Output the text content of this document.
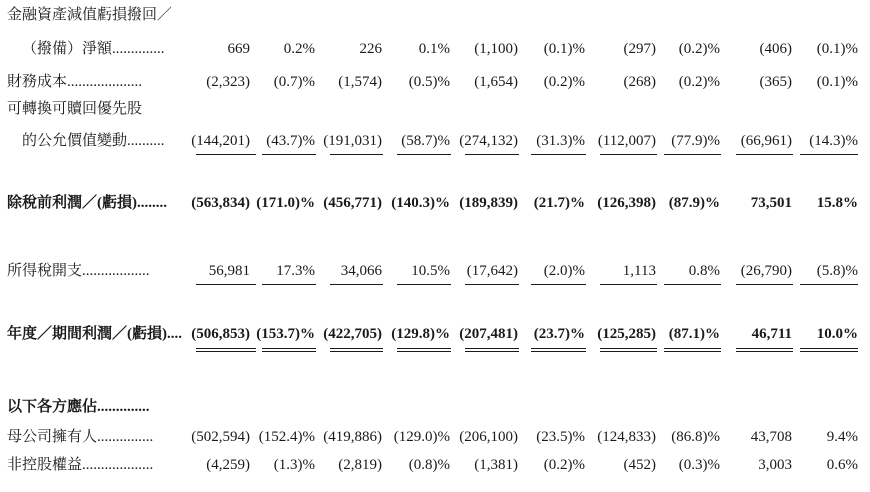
金融資產減值虧損撥回／
（撥備）淨額..............	669 0.2%	226 0.1% (1,100) (0.1)%	(297) (0.2)%	(406) (0.1)%
財務成本....................	(2,323) (0.7)% (1,574) (0.5)% (1,654) (0.2)%	(268) (0.2)%	(365) (0.1)%
可轉換可贖回優先股
的公允價值變動.......... (144,201) (43.7)% (191,031) (58.7)% (274,132) (31.3)% (112,007) (77.9)% (66,961) (14.3)%
除稅前利潤／(虧損)........ (563,834) (171.0)% (456,771) (140.3)% (189,839) (21.7)% (126,398) (87.9)% 73,501 15.8%
所得稅開支..................	56,981 17.3% 34,066 10.5% (17,642) (2.0)%	1,113 0.8% (26,790) (5.8)%
年度／期間利潤／(虧損).... (506,853) (153.7)% (422,705) (129.8)% (207,481) (23.7)% (125,285) (87.1)% 46,711 10.0%
以下各方應佔..............
母公司擁有人...............	(502,594) (152.4)% (419,886) (129.0)% (206,100) (23.5)% (124,833) (86.8)% 43,708 9.4%
非控股權益...................	(4,259) (1.3)% (2,819) (0.8)% (1,381) (0.2)%	(452) (0.3)%	3,003 0.6%
